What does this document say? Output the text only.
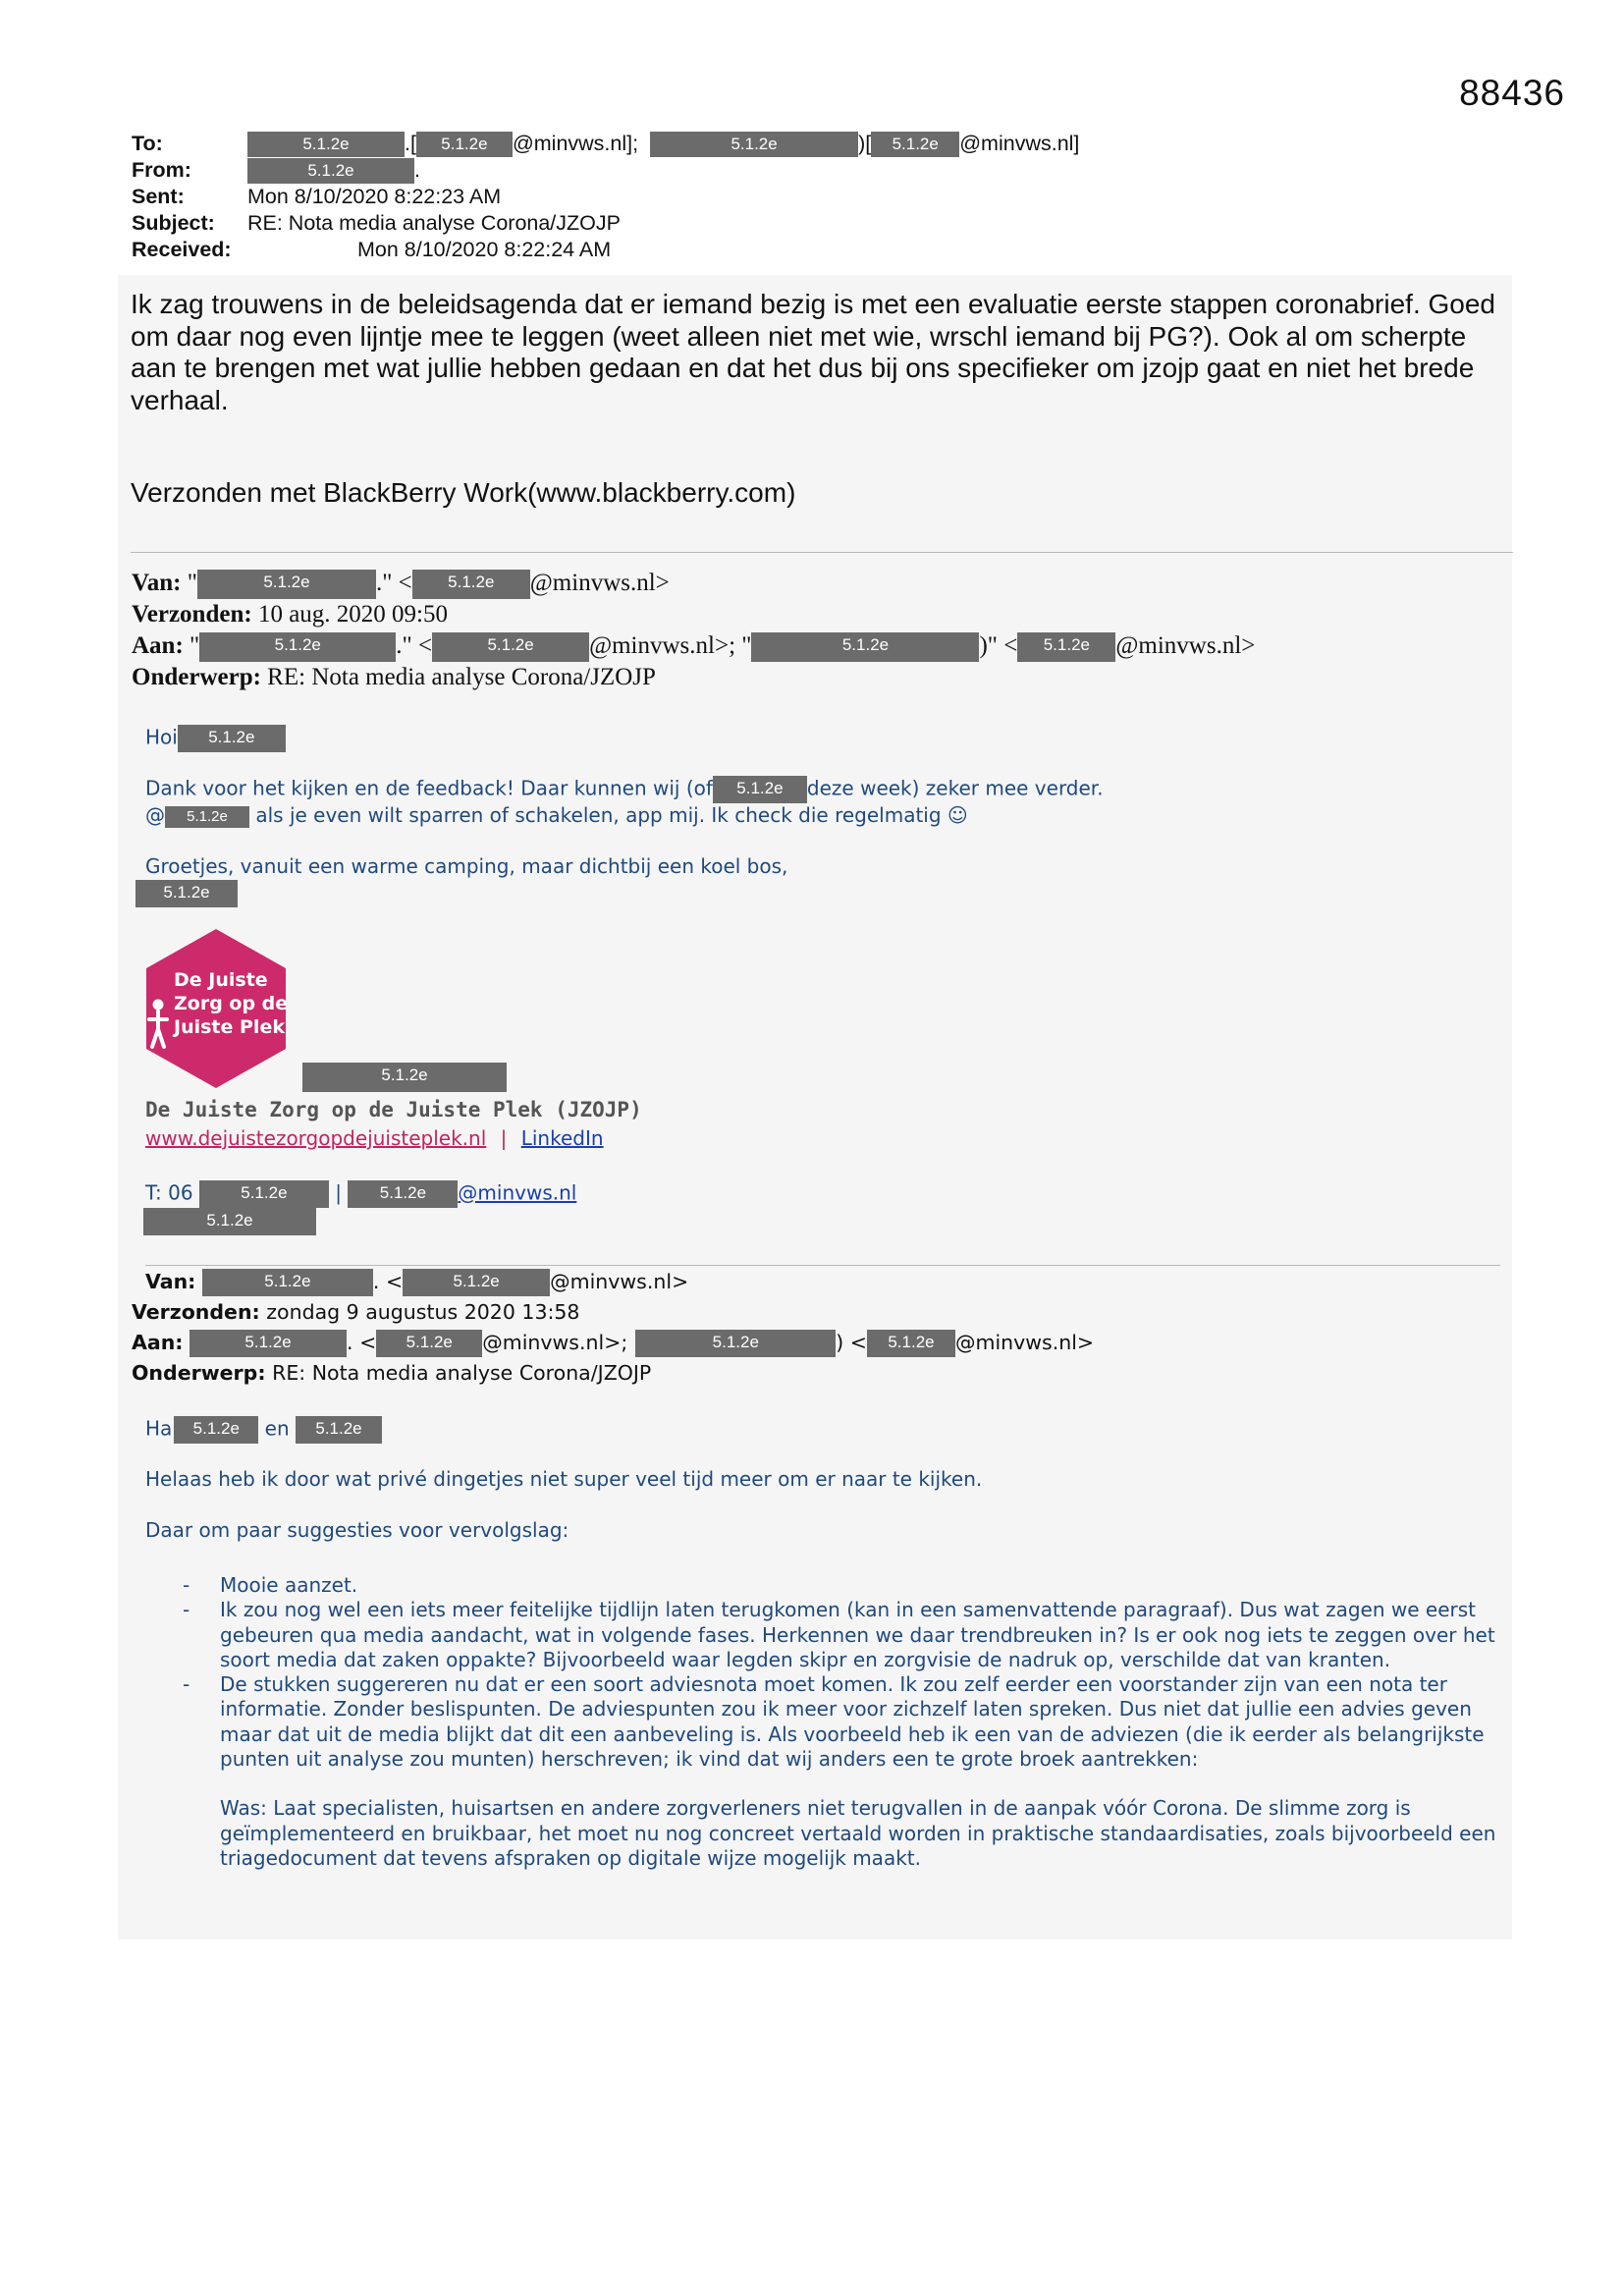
88436
To:	5.1.2e	.[ 5.1.2e @minvws.nl];	5.1.2e	)[ 5.1.2e @minvws.nl]
From:	5.1.2e	.
Sent:	Mon 8/10/2020 8:22:23 AM
Subject: RE: Nota media analyse Corona/JZOJP
Received:	Mon 8/10/2020 8:22:24 AM
Ik zag trouwens in de beleidsagenda dat er iemand bezig is met een evaluatie eerste stappen coronabrief. Goed om daar nog even lijntje mee te leggen (weet alleen niet met wie, wrschl iemand bij PG?). Ook al om scherpte aan te brengen met wat jullie hebben gedaan en dat het dus bij ons specifieker om jzojp gaat en niet het brede verhaal.
Verzonden met BlackBerry Work(www.blackberry.com)
Van: "	5.1.2e	." < 5.1.2e @minvws.nl>
Verzonden: 10 aug. 2020 09:50
Aan: "	5.1.2e	." <	5.1.2e @minvws.nl>; "	5.1.2e	)" < 5.1.2e @minvws.nl>
Onderwerp: RE: Nota media analyse Corona/JZOJP
Hoi 5.1.2e
Dank voor het kijken en de feedback! Daar kunnen wij (of 5.1.2e deze week) zeker mee verder.
@ 5.1.2e als je even wilt sparren of schakelen, app mij. Ik check die regelmatig ☺
Groetjes, vanuit een warme camping, maar dichtbij een koel bos,
5.1.2e
De Juiste
Zorg op de
Juiste Plek
5.1.2e
De Juiste Zorg op de Juiste Plek (JZOJP)
www.dejuistezorgopdejuisteplek.nl | LinkedIn
T: 06	5.1.2e | 5.1.2e @minvws.nl
5.1.2e
Van:	5.1.2e	. <	5.1.2e	@minvws.nl>
Verzonden: zondag 9 augustus 2020 13:58
Aan:	5.1.2e	. < 5.1.2e @minvws.nl>;	5.1.2e	) < 5.1.2e @minvws.nl>
Onderwerp: RE: Nota media analyse Corona/JZOJP
Ha 5.1.2e en 5.1.2e
Helaas heb ik door wat privé dingetjes niet super veel tijd meer om er naar te kijken.
Daar om paar suggesties voor vervolgslag:
- Mooie aanzet.
- Ik zou nog wel een iets meer feitelijke tijdlijn laten terugkomen (kan in een samenvattende paragraaf). Dus wat zagen we eerst gebeuren qua media aandacht, wat in volgende fases. Herkennen we daar trendbreuken in? Is er ook nog iets te zeggen over het soort media dat zaken oppakte? Bijvoorbeeld waar legden skipr en zorgvisie de nadruk op, verschilde dat van kranten.
- De stukken suggereren nu dat er een soort adviesnota moet komen. Ik zou zelf eerder een voorstander zijn van een nota ter informatie. Zonder beslispunten. De adviespunten zou ik meer voor zichzelf laten spreken. Dus niet dat jullie een advies geven maar dat uit de media blijkt dat dit een aanbeveling is. Als voorbeeld heb ik een van de adviezen (die ik eerder als belangrijkste punten uit analyse zou munten) herschreven; ik vind dat wij anders een te grote broek aantrekken:
Was: Laat specialisten, huisartsen en andere zorgverleners niet terugvallen in de aanpak vóór Corona. De slimme zorg is geïmplementeerd en bruikbaar, het moet nu nog concreet vertaald worden in praktische standaardisaties, zoals bijvoorbeeld een triagedocument dat tevens afspraken op digitale wijze mogelijk maakt.
